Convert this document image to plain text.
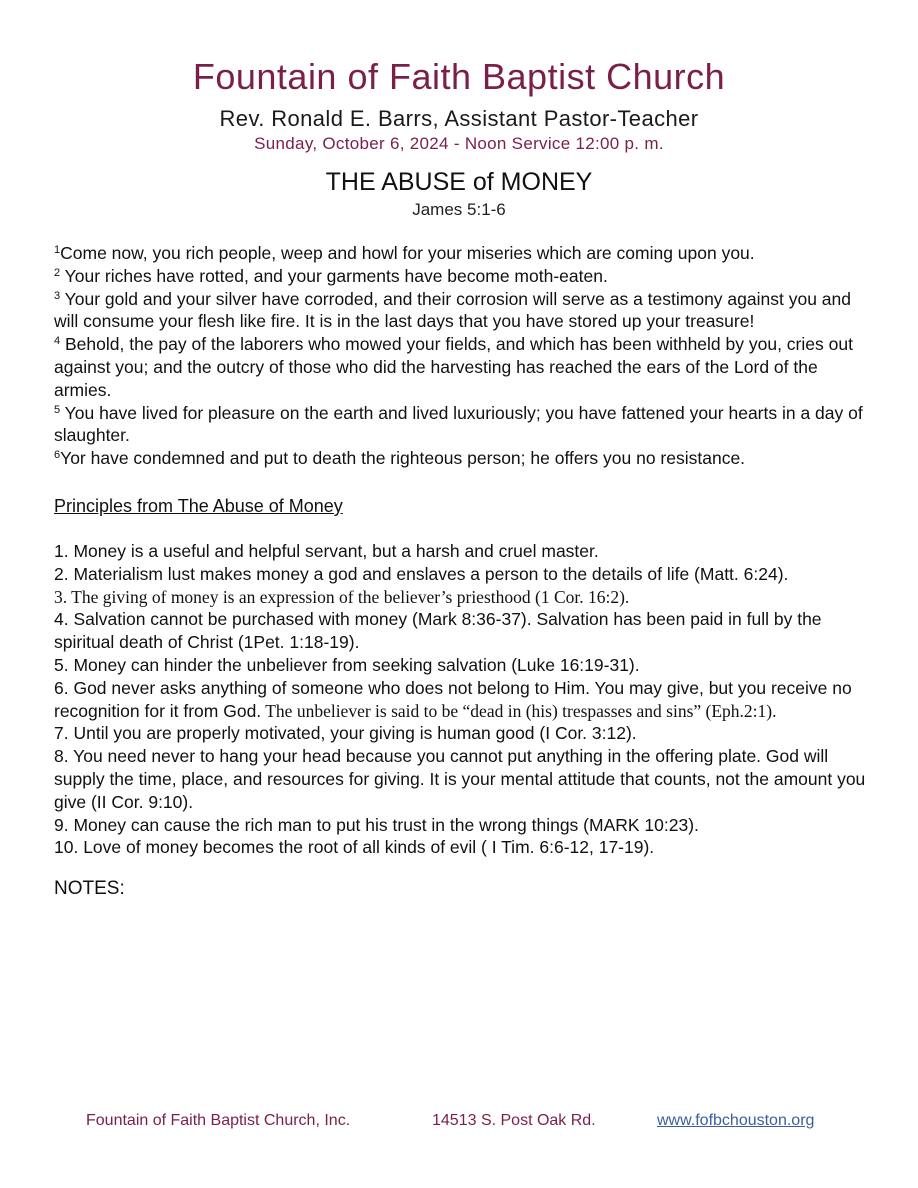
Fountain of Faith Baptist Church
Rev. Ronald E. Barrs, Assistant Pastor-Teacher
Sunday, October 6, 2024 - Noon Service 12:00 p. m.
THE ABUSE of MONEY
James 5:1-6

$^1$Come now, you rich people, weep and howl for your miseries which are coming upon you.

$^2$ Your riches have rotted, and your garments have become moth-eaten.

$^3$ Your gold and your silver have corroded, and their corrosion will serve as a testimony against you and will consume your flesh like fire. It is in the last days that you have stored up your treasure!

$^4$ Behold, the pay of the laborers who mowed your fields, and which has been withheld by you, cries out against you; and the outcry of those who did the harvesting has reached the ears of the Lord of the armies.

$^5$ You have lived for pleasure on the earth and lived luxuriously; you have fattened your hearts in a day of slaughter.

$^6$Yor have condemned and put to death the righteous person; he offers you no resistance.

Principles from The Abuse of Money

1. Money is a useful and helpful servant, but a harsh and cruel master.

2. Materialism lust makes money a god and enslaves a person to the details of life (Matt. 6:24).

3. The giving of money is an expression of the believer’s priesthood (1 Cor. 16:2).

4. Salvation cannot be purchased with money (Mark 8:36-37). Salvation has been paid in full by the spiritual death of Christ (1Pet. 1:18-19).

5. Money can hinder the unbeliever from seeking salvation (Luke 16:19-31).

6. God never asks anything of someone who does not belong to Him. You may give, but you receive no recognition for it from God. The unbeliever is said to be “dead in (his) trespasses and sins” (Eph.2:1).

7. Until you are properly motivated, your giving is human good (I Cor. 3:12).

8. You need never to hang your head because you cannot put anything in the offering plate. God will supply the time, place, and resources for giving. It is your mental attitude that counts, not the amount you give (II Cor. 9:10).

9. Money can cause the rich man to put his trust in the wrong things (MARK 10:23).

10. Love of money becomes the root of all kinds of evil ( I Tim. 6:6-12, 17-19).

NOTES:
Fountain of Faith Baptist Church, Inc.	14513 S. Post Oak Rd.	www.fofbchouston.org
